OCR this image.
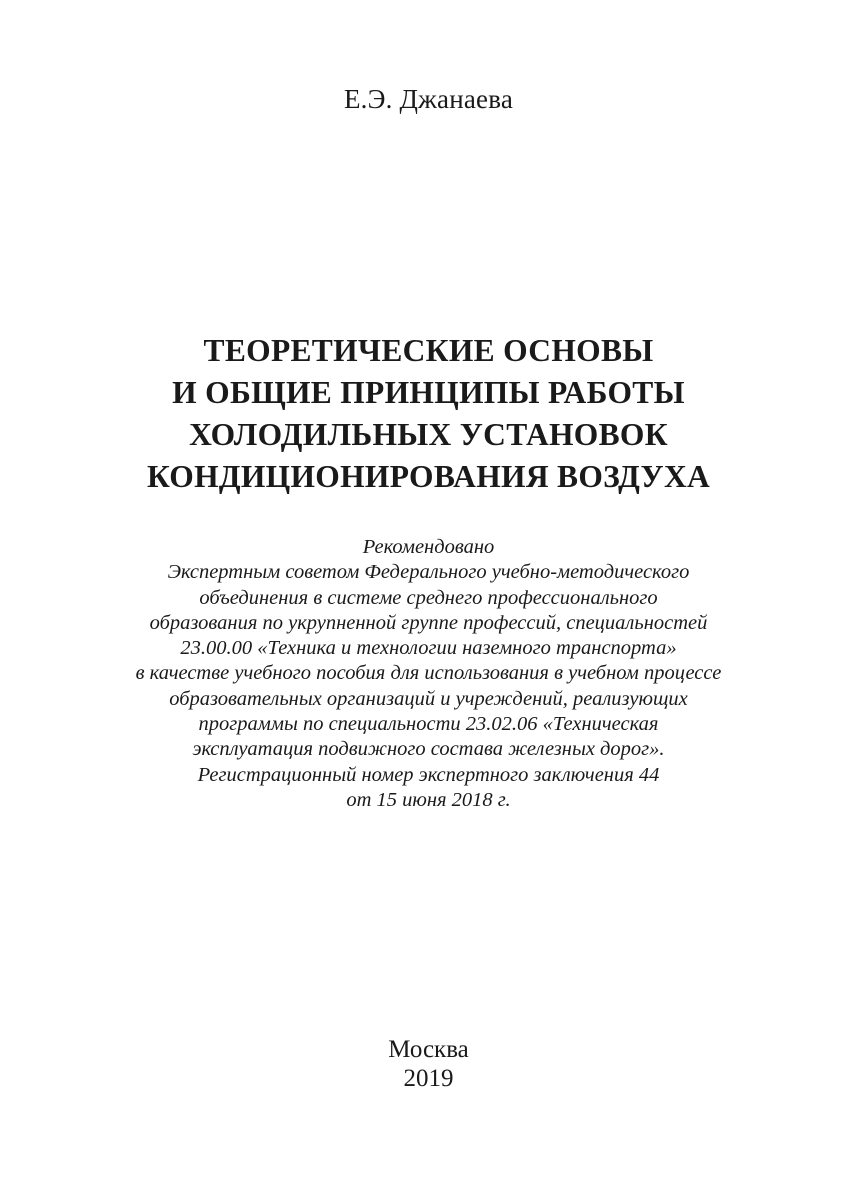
Е.Э. Джанаева
ТЕОРЕТИЧЕСКИЕ ОСНОВЫ
И ОБЩИЕ ПРИНЦИПЫ РАБОТЫ
ХОЛОДИЛЬНЫХ УСТАНОВОК
КОНДИЦИОНИРОВАНИЯ ВОЗДУХА
Рекомендовано
Экспертным советом Федерального учебно-методического
объединения в системе среднего профессионального
образования по укрупненной группе профессий, специальностей
23.00.00 «Техника и технологии наземного транспорта»
в качестве учебного пособия для использования в учебном процессе
образовательных организаций и учреждений, реализующих
программы по специальности 23.02.06 «Техническая
эксплуатация подвижного состава железных дорог».
Регистрационный номер экспертного заключения 44
от 15 июня 2018 г.
Москва
2019
